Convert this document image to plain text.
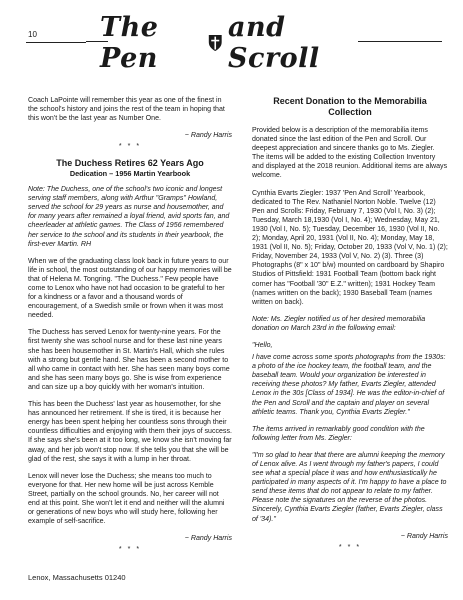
10	The Pen
and Scroll

Coach LaPointe will remember this year as one of the finest in the school's history and joins the rest of the team in hoping that this won't be the last year as Number One.

~ Randy Harris
* * *
The Duchess Retires 62 Years Ago
Dedication – 1956 Martin Yearbook

Note: The Duchess, one of the school's two iconic and longest serving staff members, along with Arthur "Gramps" Howland, served the school for 29 years as nurse and housemother, and for many years after remained a loyal friend, avid sports fan, and cheerleader at athletic games. The Class of 1956 remembered her service to the school and its students in their yearbook, the first-ever Martin. RH

When we of the graduating class look back in future years to our life in school, the most outstanding of our happy memories will be that of Helena M. Tongring. "The Duchess." Few people have come to Lenox who have not had occasion to be grateful to her for a kindness or a favor and a thousand words of encouragement, of a Swedish smile or frown when it was most needed.

The Duchess has served Lenox for twenty-nine years. For the first twenty she was school nurse and for these last nine years she has been housemother in St. Martin's Hall, which she rules with a strong but gentle hand. She has been a second mother to all who came in contact with her. She has seen many boys come and she has seen many boys go. She is wise from experience and can size up a boy quickly with her woman's intuition.

This has been the Duchess' last year as housemother, for she has announced her retirement. If she is tired, it is because her energy has been spent helping her countless sons through their countless difficulties and enjoying with them their joys of success. If she says she's been at it too long, we know she isn't moving far away, and her job won't stop now. If she tells you that she will be glad of the rest, she says it with a lump in her throat.

Lenox will never lose the Duchess; she means too much to everyone for that. Her new home will be just across Kemble Street, partially on the school grounds. No, her career will not end at this point. She won't let it end and neither will the alumni or generations of new boys who will study here, following her example of self-sacrifice.

~ Randy Harris
* * *
Recent Donation to the Memorabilia Collection

Provided below is a description of the memorabilia items donated since the last edition of the Pen and Scroll. Our deepest appreciation and sincere thanks go to Ms. Ziegler. The items will be added to the existing Collection Inventory and displayed at the 2018 reunion. Additional items are always welcome.

Cynthia Evarts Ziegler: 1937 'Pen And Scroll' Yearbook, dedicated to The Rev. Nathaniel Norton Noble. Twelve (12) Pen and Scrolls: Friday, February 7, 1930 (Vol I, No. 3) (2); Tuesday, March 18,1930 (Vol I, No. 4); Wednesday, May 21, 1930 (Vol I, No. 5); Tuesday, December 16, 1930 (Vol II, No. 2); Monday, April 20, 1931 (Vol II, No. 4); Monday, May 18, 1931 (Vol II, No. 5); Friday, October 20, 1933 (Vol V, No. 1) (2); Friday, November 24, 1933 (Vol V, No. 2) (3). Three (3) Photographs (8" x 10" b/w) mounted on cardboard by Shapiro Studios of Pittsfield: 1931 Football Team (bottom back right corner has "Football '30" E.Z." written); 1931 Hockey Team (names written on the back); 1930 Baseball Team (names written on back).

Note: Ms. Ziegler notified us of her desired memorabilia donation on March 23rd in the following email:

"Hello,

I have come across some sports photographs from the 1930s: a photo of the ice hockey team, the football team, and the baseball team. Would your organization be interested in receiving these photos? My father, Evarts Ziegler, attended Lenox in the 30s [Class of 1934]. He was the editor-in-chief of the Pen and Scroll and the captain and player on several athletic teams. Thank you, Cynthia Evarts Ziegler."

The items arrived in remarkably good condition with the following letter from Ms. Ziegler:

"I'm so glad to hear that there are alumni keeping the memory of Lenox alive. As I went through my father's papers, I could see what a special place it was and how enthusiastically he participated in many aspects of it. I'm happy to have a place to send these items that do not appear to relate to my father. Please note the signatures on the reverse of the photos. Sincerely, Cynthia Evarts Ziegler (father, Evarts Ziegler, class of '34)."

~ Randy Harris
* * *
Lenox, Massachusetts 01240
